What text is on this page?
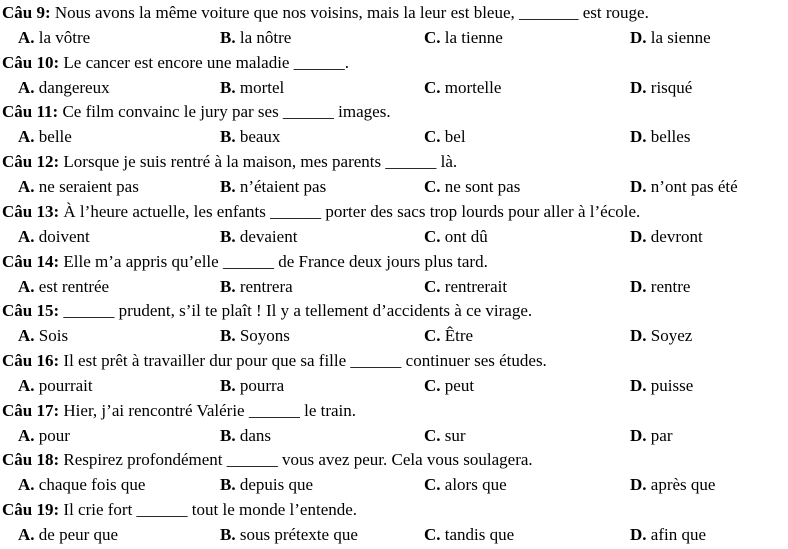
Câu 9: Nous avons la même voiture que nos voisins, mais la leur est bleue, _______ est rouge.
A. la vôtre	B. la nôtre	C. la tienne	D. la sienne
Câu 10: Le cancer est encore une maladie ______.
A. dangereux	B. mortel	C. mortelle	D. risqué
Câu 11: Ce film convainc le jury par ses ______ images.
A. belle	B. beaux	C. bel	D. belles
Câu 12: Lorsque je suis rentré à la maison, mes parents ______ là.
A. ne seraient pas	B. n’étaient pas	C. ne sont pas	D. n’ont pas été
Câu 13: À l’heure actuelle, les enfants ______ porter des sacs trop lourds pour aller à l’école.
A. doivent	B. devaient	C. ont dû	D. devront
Câu 14: Elle m’a appris qu’elle ______ de France deux jours plus tard.
A. est rentrée	B. rentrera	C. rentrerait	D. rentre
Câu 15: ______ prudent, s’il te plaît ! Il y a tellement d’accidents à ce virage.
A. Sois	B. Soyons	C. Être	D. Soyez
Câu 16: Il est prêt à travailler dur pour que sa fille ______ continuer ses études.
A. pourrait	B. pourra	C. peut	D. puisse
Câu 17: Hier, j’ai rencontré Valérie ______ le train.
A. pour	B. dans	C. sur	D. par
Câu 18: Respirez profondément ______ vous avez peur. Cela vous soulagera.
A. chaque fois que	B. depuis que	C. alors que	D. après que
Câu 19: Il crie fort ______ tout le monde l’entende.
A. de peur que	B. sous prétexte que	C. tandis que	D. afin que
